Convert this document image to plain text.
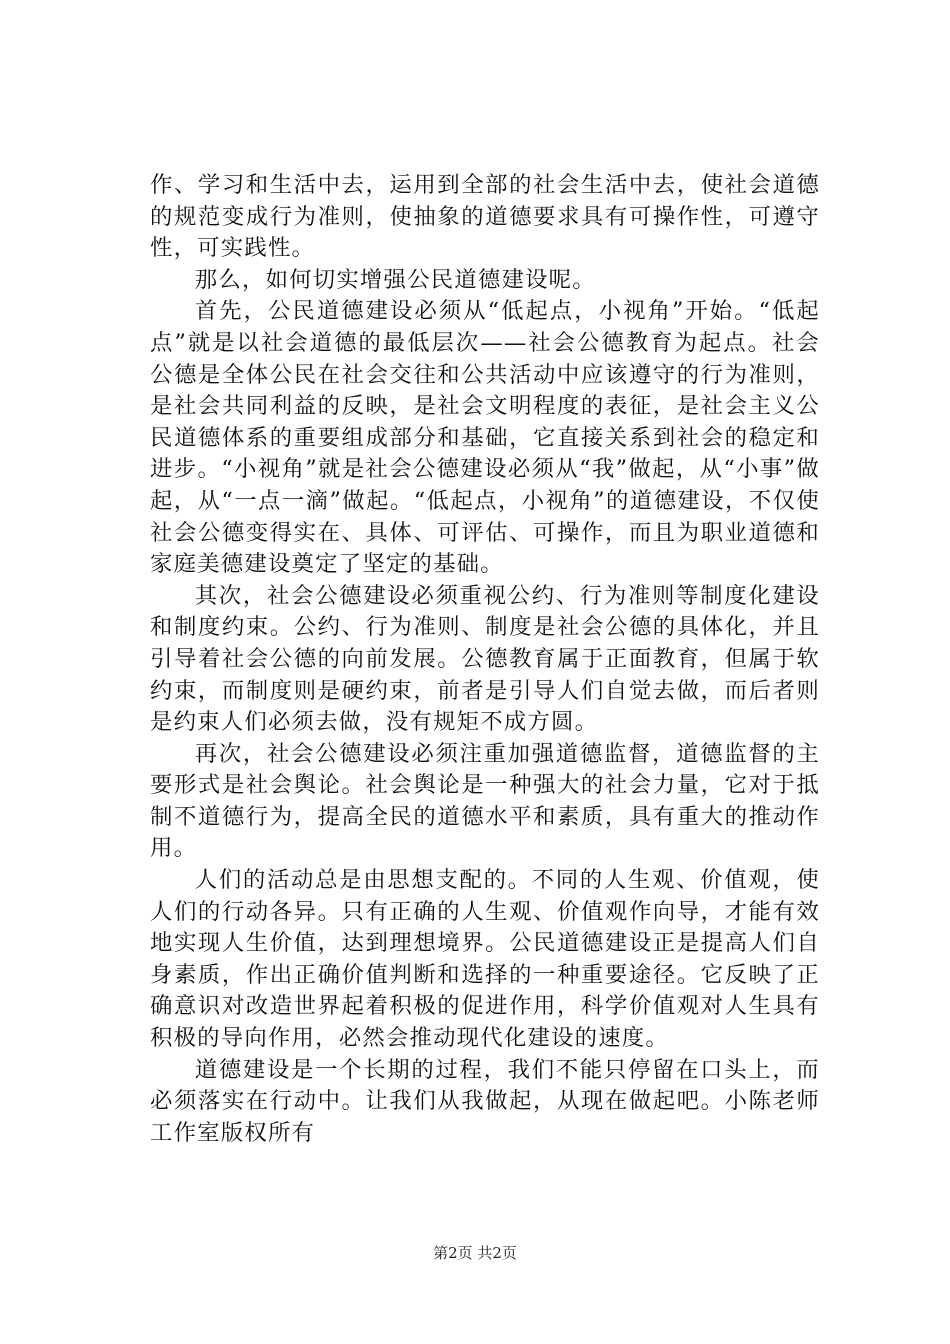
作、学习和生活中去，运用到全部的社会生活中去，使社会道德的规范变成行为准则，使抽象的道德要求具有可操作性，可遵守性，可实践性。

那么，如何切实增强公民道德建设呢。

首先，公民道德建设必须从“低起点，小视角”开始。“低起点”就是以社会道德的最低层次——社会公德教育为起点。社会公德是全体公民在社会交往和公共活动中应该遵守的行为准则，是社会共同利益的反映，是社会文明程度的表征，是社会主义公民道德体系的重要组成部分和基础，它直接关系到社会的稳定和进步。“小视角”就是社会公德建设必须从“我”做起，从“小事”做起，从“一点一滴”做起。“低起点，小视角”的道德建设，不仅使社会公德变得实在、具体、可评估、可操作，而且为职业道德和家庭美德建设奠定了坚定的基础。

其次，社会公德建设必须重视公约、行为准则等制度化建设和制度约束。公约、行为准则、制度是社会公德的具体化，并且引导着社会公德的向前发展。公德教育属于正面教育，但属于软约束，而制度则是硬约束，前者是引导人们自觉去做，而后者则是约束人们必须去做，没有规矩不成方圆。

再次，社会公德建设必须注重加强道德监督，道德监督的主要形式是社会舆论。社会舆论是一种强大的社会力量，它对于抵制不道德行为，提高全民的道德水平和素质，具有重大的推动作用。

人们的活动总是由思想支配的。不同的人生观、价值观，使人们的行动各异。只有正确的人生观、价值观作向导，才能有效地实现人生价值，达到理想境界。公民道德建设正是提高人们自身素质，作出正确价值判断和选择的一种重要途径。它反映了正确意识对改造世界起着积极的促进作用，科学价值观对人生具有积极的导向作用，必然会推动现代化建设的速度。

道德建设是一个长期的过程，我们不能只停留在口头上，而必须落实在行动中。让我们从我做起，从现在做起吧。小陈老师工作室版权所有

第2页 共2页
